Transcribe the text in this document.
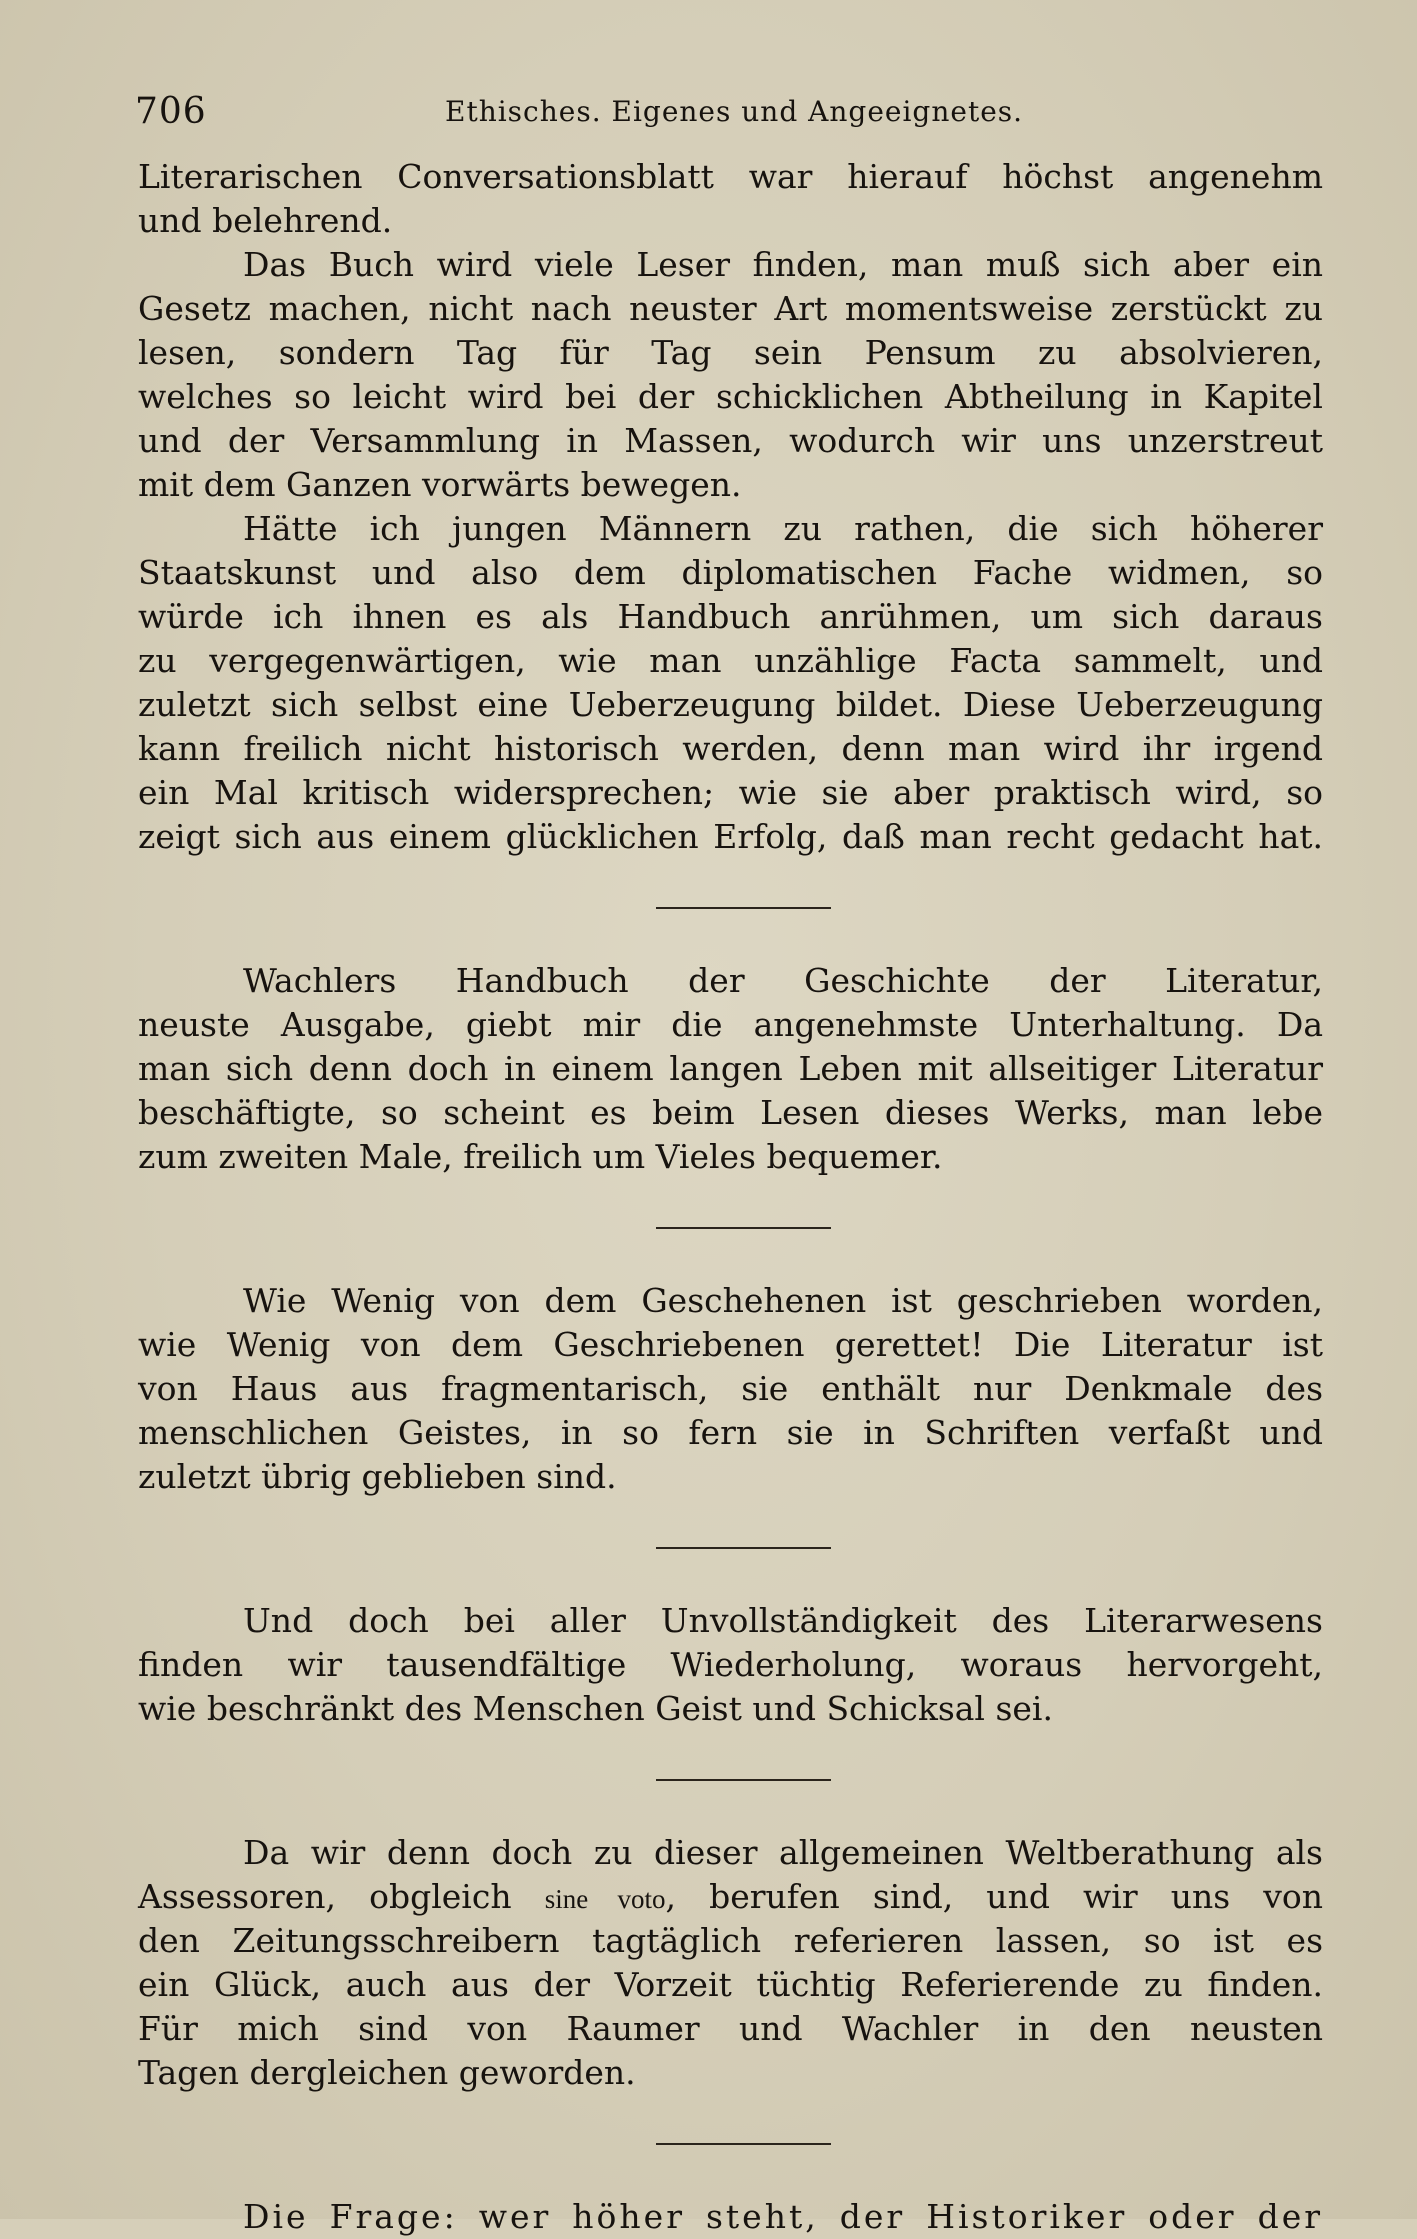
706	Ethisches. Eigenes und Angeeignetes.
Literarischen Conversationsblatt war hierauf höchst angenehm
und belehrend.
Das Buch wird viele Leser finden, man muß sich aber ein
Gesetz machen, nicht nach neuster Art momentsweise zerstückt zu
lesen, sondern Tag für Tag sein Pensum zu absolvieren,
welches so leicht wird bei der schicklichen Abtheilung in Kapitel
und der Versammlung in Massen, wodurch wir uns unzerstreut
mit dem Ganzen vorwärts bewegen.
Hätte ich jungen Männern zu rathen, die sich höherer
Staatskunst und also dem diplomatischen Fache widmen, so
würde ich ihnen es als Handbuch anrühmen, um sich daraus
zu vergegenwärtigen, wie man unzählige Facta sammelt, und
zuletzt sich selbst eine Ueberzeugung bildet. Diese Ueberzeugung
kann freilich nicht historisch werden, denn man wird ihr irgend
ein Mal kritisch widersprechen; wie sie aber praktisch wird, so
zeigt sich aus einem glücklichen Erfolg, daß man recht gedacht hat.
Wachlers Handbuch der Geschichte der Literatur,
neuste Ausgabe, giebt mir die angenehmste Unterhaltung. Da
man sich denn doch in einem langen Leben mit allseitiger Literatur
beschäftigte, so scheint es beim Lesen dieses Werks, man lebe
zum zweiten Male, freilich um Vieles bequemer.
Wie Wenig von dem Geschehenen ist geschrieben worden,
wie Wenig von dem Geschriebenen gerettet! Die Literatur ist
von Haus aus fragmentarisch, sie enthält nur Denkmale des
menschlichen Geistes, in so fern sie in Schriften verfaßt und
zuletzt übrig geblieben sind.
Und doch bei aller Unvollständigkeit des Literarwesens
finden wir tausendfältige Wiederholung, woraus hervorgeht,
wie beschränkt des Menschen Geist und Schicksal sei.
Da wir denn doch zu dieser allgemeinen Weltberathung als
Assessoren, obgleich sine voto, berufen sind, und wir uns von
den Zeitungsschreibern tagtäglich referieren lassen, so ist es
ein Glück, auch aus der Vorzeit tüchtig Referierende zu finden.
Für mich sind von Raumer und Wachler in den neusten
Tagen dergleichen geworden.
Die Frage: wer höher steht, der Historiker oder der
